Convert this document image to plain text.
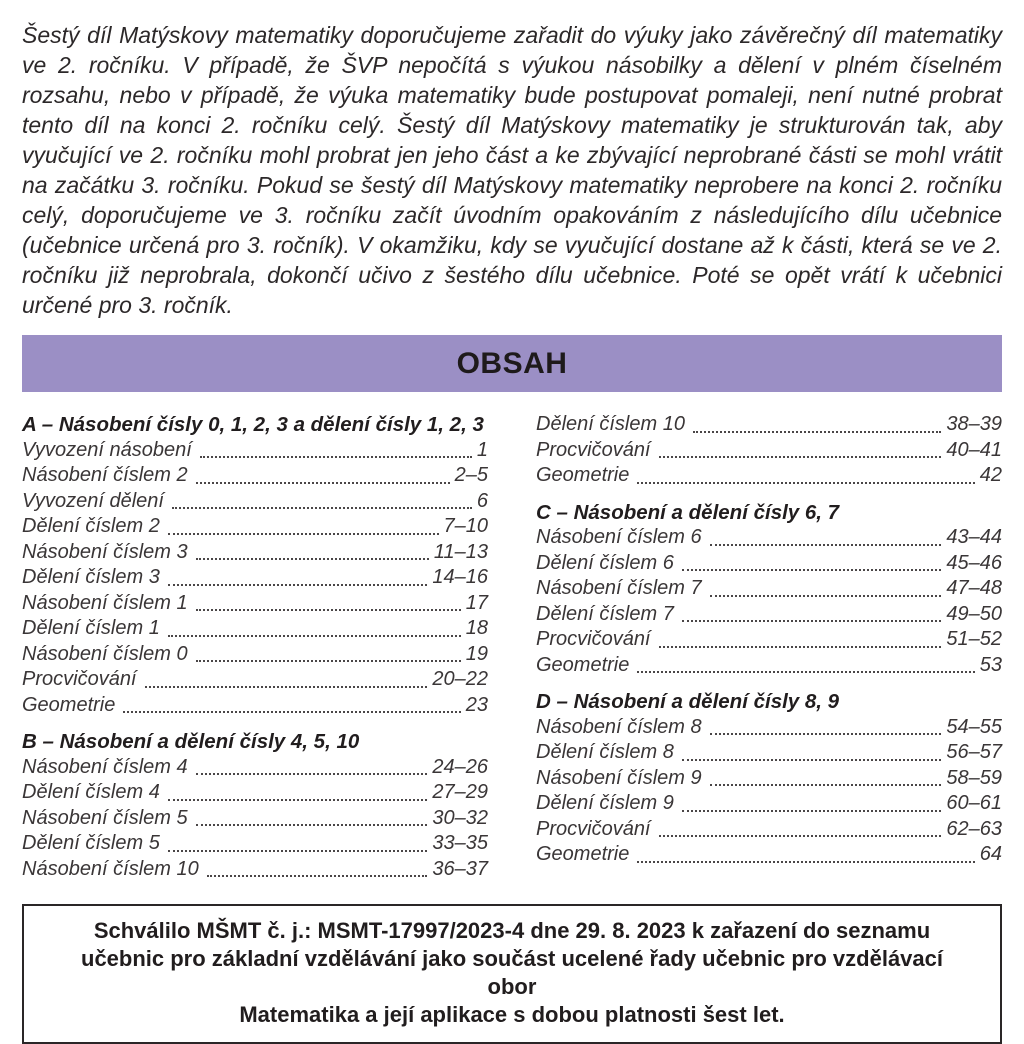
Šestý díl Matýskovy matematiky doporučujeme zařadit do výuky jako závěrečný díl matematiky ve 2. ročníku. V případě, že ŠVP nepočítá s výukou násobilky a dělení v plném číselném rozsahu, nebo v případě, že výuka matematiky bude postupovat pomaleji, není nutné probrat tento díl na konci 2. ročníku celý. Šestý díl Matýskovy matematiky je strukturován tak, aby vyučující ve 2. ročníku mohl probrat jen jeho část a ke zbývající neprobrané části se mohl vrátit na začátku 3. ročníku. Pokud se šestý díl Matýskovy matematiky neprobere na konci 2. ročníku celý, doporučujeme ve 3. ročníku začít úvodním opakováním z následujícího dílu učebnice (učebnice určená pro 3. ročník). V okamžiku, kdy se vyučující dostane až k části, která se ve 2. ročníku již neprobrala, dokončí učivo z šestého dílu učebnice. Poté se opět vrátí k učebnici určené pro 3. ročník.

OBSAH
A – Násobení čísly 0, 1, 2, 3 a dělení čísly 1, 2, 3
Vyvození násobení	1
Násobení číslem 2	2–5
Vyvození dělení	6
Dělení číslem 2	7–10
Násobení číslem 3	11–13
Dělení číslem 3	14–16
Násobení číslem 1	17
Dělení číslem 1	18
Násobení číslem 0	19
Procvičování	20–22
Geometrie	23
B – Násobení a dělení čísly 4, 5, 10
Násobení číslem 4	24–26
Dělení číslem 4	27–29
Násobení číslem 5	30–32
Dělení číslem 5	33–35
Násobení číslem 10	36–37
Dělení číslem 10	38–39
Procvičování	40–41
Geometrie	42
C – Násobení a dělení čísly 6, 7
Násobení číslem 6	43–44
Dělení číslem 6	45–46
Násobení číslem 7	47–48
Dělení číslem 7	49–50
Procvičování	51–52
Geometrie	53
D – Násobení a dělení čísly 8, 9
Násobení číslem 8	54–55
Dělení číslem 8	56–57
Násobení číslem 9	58–59
Dělení číslem 9	60–61
Procvičování	62–63
Geometrie	64
Schválilo MŠMT č. j.: MSMT-17997/2023-4 dne 29. 8. 2023 k zařazení do seznamu
učebnic pro základní vzdělávání jako součást ucelené řady učebnic pro vzdělávací obor
Matematika a její aplikace s dobou platnosti šest let.
